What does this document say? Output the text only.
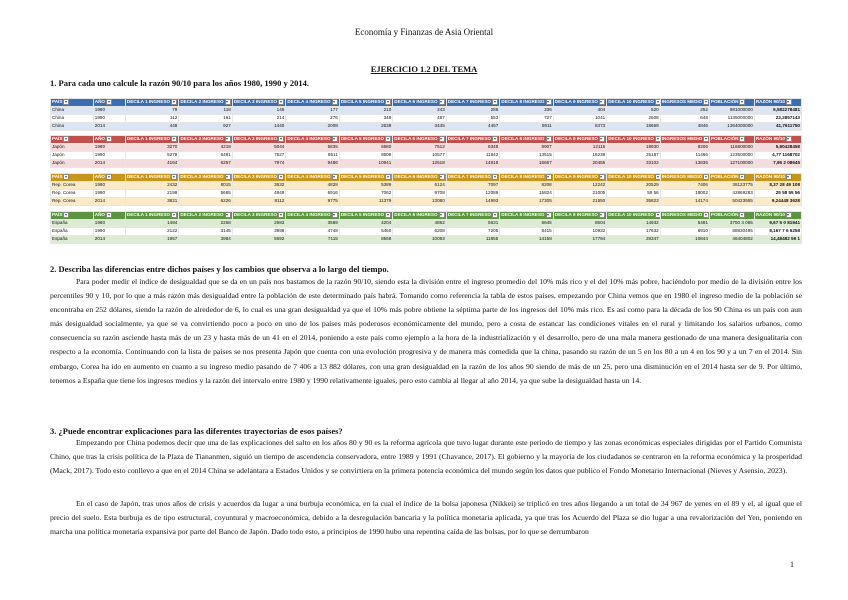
Economía y Finanzas de Asia Oriental
EJERCICIO 1.2 DEL TEMA
1. Para cada uno calcule la razón 90/10 para los años 1980, 1990 y 2014.
PAÍS	AÑO	DECILA 1 INGRESO	DECILA 2 INGRESO	DECILA 3 INGRESO	DECILA 4 INGRESO	DECILA 5 INGRESO	DECILA 6 INGRESO	DECILA 7 INGRESO	DECILA 8 INGRESO	DECILA 9 INGRESO	DECILA 10 INGRESO	INGRESOS MEDIO	POBLACIÓN	RAZÓN 90/10
China	1980	79	118	146	177	210	243	286	336	404	520	252	981000000	6,582278481
China	1990	112	161	214	276	348	487	553	727	1041	2608	648	1135000000	23,2857143
China	2014	448	927	1440	2008	2639	3445	4457	5911	8473	18669	4846	1364000000	41,7611750
PAÍS	AÑO	DECILA 1 INGRESO	DECILA 2 INGRESO	DECILA 3 INGRESO	DECILA 4 INGRESO	DECILA 5 INGRESO	DECILA 6 INGRESO	DECILA 7 INGRESO	DECILA 8 INGRESO	DECILA 9 INGRESO	DECILA 10 INGRESO	INGRESOS MEDIO	POBLACIÓN	RAZÓN 90/10
Japón	1980	3270	4218	5044	5835	6680	7512	8348	9907	12115	18930	8206	116800000	5,80428458
Japón	1990	5279	6481	7527	8511	9508	10577	11842	13515	16238	25187	11466	123500000	4,77 1168702
Japón	2014	4164	6257	7974	9486	10941	12518	14818	16667	20455	33102	13836	127100000	7,95 2 08645
PAÍS	AÑO	DECILA 1 INGRESO	DECILA 2 INGRESO	DECILA 3 INGRESO	DECILA 4 INGRESO	DECILA 5 INGRESO	DECILA 6 INGRESO	DECILA 7 INGRESO	DECILA 8 INGRESO	DECILA 9 INGRESO	DECILA 10 INGRESO	INGRESOS MEDIO	POBLACIÓN	RAZÓN 90/10
Rep. Corea	1980	2432	8015	3632	4828	5389	6124	7097	8208	12242	20529	7406	38123775	8,37 28 49 108
Rep. Corea	1990	2199	5665	4949	6916	7062	9708	12089	15824	21005	59 56	18002	42869283	25 58 55 56
Rep. Corea	2014	3821	6226	8112	9775	11379	13080	14993	17305	21550	35823	14174	50423955	9,24448 3628
PAÍS	AÑO	DECILA 1 INGRESO	DECILA 2 INGRESO	DECILA 3 INGRESO	DECILA 4 INGRESO	DECILA 5 INGRESO	DECILA 6 INGRESO	DECILA 7 INGRESO	DECILA 8 INGRESO	DECILA 9 INGRESO	DECILA 10 INGRESO	INGRESOS MEDIO	POBLACIÓN	RAZÓN 90/10
España	1980	1484	2258	2983	3589	4204	4862	5631	6645	8604	14932	5481	3750 3 085	9,67 5 0 81941
España	1990	2122	3145	3998	4748	5460	6208	7205	8415	10932	17632	6910	88830495	8,167 7 6 6258
España	2014	1957	3984	5692	7115	8568	10093	11855	14158	17794	28347	10844	46404802	14,48482 59 1
2. Describa las diferencias entre dichos países y los cambios que observa a lo largo del tiempo.

Para poder medir el índice de desigualdad que se da en un país nos bastamos de la razón 90/10, siendo esta la división entre el ingreso promedio del 10% más rico y el del 10% más pobre, haciéndolo por medio de la división entre los percentiles 90 y 10, por lo que a más razón más desigualdad entre la población de este determinado país habrá. Tomando como referencia la tabla de estos países, empezando por China vemos que en 1980 el ingreso medio de la población se encontraba en 252 dólares, siendo la razón de alrededor de 6, lo cual es una gran desigualdad ya que el 10% más pobre obtiene la séptima parte de los ingresos del 10% más rico. Es así como para la década de los 90 China es un país con aun más desigualdad socialmente, ya que se va convirtiendo poco a poco en uno de los países más poderosos económicamente del mundo, pero a costa de estancar las condiciones vitales en el rural y limitando los salarios urbanos, como consecuencia su razón asciende hasta más de un 23 y hasta más de un 41 en el 2014, poniendo a este país como ejemplo a la hora de la industrialización y el desarrollo, pero de una mala manera gestionado de una manera desigualitaria con respecto a la economía. Continuando con la lista de países se nos presenta Japón que cuenta con una evolución progresiva y de manera más comedida que la china, pasando su razón de un 5 en los 80 a un 4 en los 90 y a un 7 en el 2014. Sin embargo, Corea ha ido en aumento en cuanto a su ingreso medio pasando de 7 406 a 13 882 dólares, con una gran desigualdad en la razón de los años 90 siendo de más de un 25, pero una disminución en el 2014 hasta ser de 9. Por último, tenemos a España que tiene los ingresos medios y la razón del intervalo entre 1980 y 1990 relativamente iguales, pero esto cambia al llegar al año 2014, ya que sube la desigualdad hasta un 14.

3. ¿Puede encontrar explicaciones para las diferentes trayectorias de esos países?

Empezando por China podemos decir que una de las explicaciones del salto en los años 80 y 90 es la reforma agrícola que tuvo lugar durante este período de tiempo y las zonas económicas especiales dirigidas por el Partido Comunista Chino, que tras la crisis política de la Plaza de Tiananmen, siguió un tiempo de ascendencia conservadora, entre 1989 y 1991 (Chavance, 2017). El gobierno y la mayoría de los ciudadanos se centraron en la reforma económica y la prosperidad (Mack, 2017). Todo esto conllevo a que en el 2014 China se adelantara a Estados Unidos y se convirtiera en la primera potencia económica del mundo según los datos que publico el Fondo Monetario Internacional (Nieves y Asensio, 2023).

En el caso de Japón, tras unos años de crisis y acuerdos da lugar a una burbuja económica, en la cual el índice de la bolsa japonesa (Nikkei) se triplicó en tres años llegando a un total de 34 967 de yenes en el 89 y el, al igual que el precio del suelo. Esta burbuja es de tipo estructural, coyuntural y macroeconómica, debido a la desregulación bancaria y la política monetaria aplicada, ya que tras los Acuerdo del Plaza se dio lugar a una revalorización del Yen, poniendo en marcha una política monetaria expansiva por parte del Banco de Japón. Dado todo esto, a principios de 1990 hubo una repentina caída de las bolsas, por lo que se derrumbaron

1
